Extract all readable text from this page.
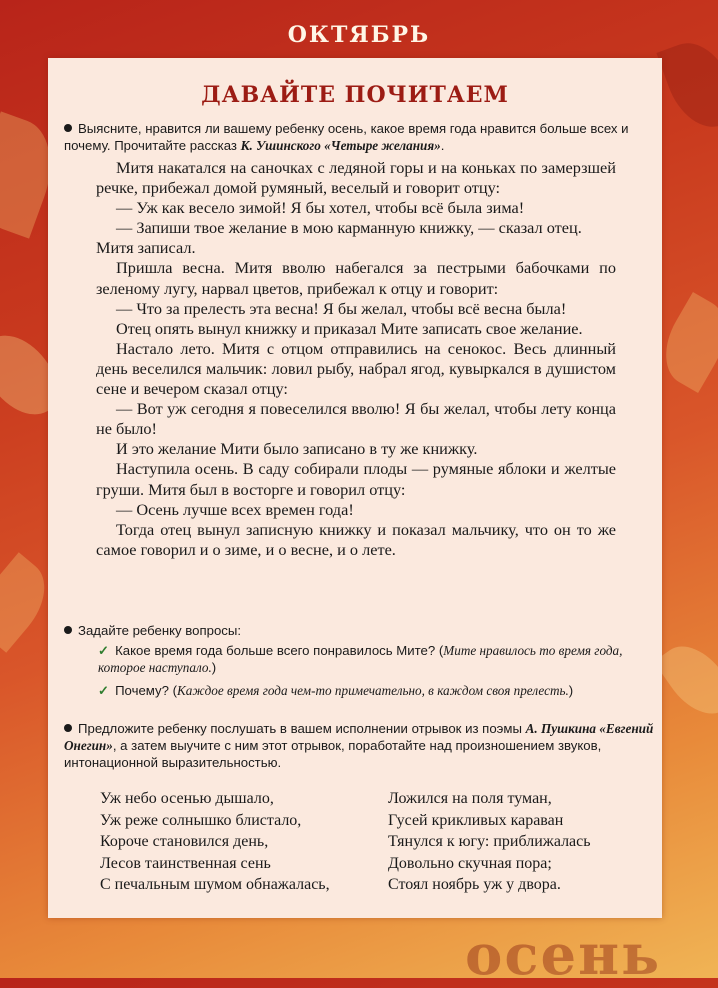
ОКТЯБРЬ
ДАВАЙТЕ ПОЧИТАЕМ
Выясните, нравится ли вашему ребенку осень, какое время года нравится больше всех и почему. Прочитайте рассказ К. Ушинского «Четыре желания».

Митя накатался на саночках с ледяной горы и на коньках по замерзшей речке, прибежал домой румяный, веселый и говорит отцу:

— Уж как весело зимой! Я бы хотел, чтобы всё была зима!

— Запиши твое желание в мою карманную книжку, — сказал отец.

Митя записал.

Пришла весна. Митя вволю набегался за пестрыми бабочками по зеленому лугу, нарвал цветов, прибежал к отцу и говорит:

— Что за прелесть эта весна! Я бы желал, чтобы всё весна была!

Отец опять вынул книжку и приказал Мите записать свое желание.

Настало лето. Митя с отцом отправились на сенокос. Весь длинный день веселился мальчик: ловил рыбу, набрал ягод, кувыркался в душистом сене и вечером сказал отцу:

— Вот уж сегодня я повеселился вволю! Я бы желал, чтобы лету конца не было!

И это желание Мити было записано в ту же книжку.

Наступила осень. В саду собирали плоды — румяные яблоки и желтые груши. Митя был в восторге и говорил отцу:

— Осень лучше всех времен года!

Тогда отец вынул записную книжку и показал мальчику, что он то же самое говорил и о зиме, и о весне, и о лете.

Задайте ребенку вопросы:
✓ Какое время года больше всего понравилось Мите? (Мите нравилось то время года, которое наступало.)
✓ Почему? (Каждое время года чем-то примечательно, в каждом своя прелесть.)
Предложите ребенку послушать в вашем исполнении отрывок из поэмы А. Пушкина «Евгений Онегин», а затем выучите с ним этот отрывок, поработайте над произношением звуков, интонационной выразительностью.
Уж небо осенью дышало,
Уж реже солнышко блистало,
Короче становился день,
Лесов таинственная сень
С печальным шумом обнажалась,
Ложился на поля туман,
Гусей крикливых караван
Тянулся к югу: приближалась
Довольно скучная пора;
Стоял ноябрь уж у двора.
осень
